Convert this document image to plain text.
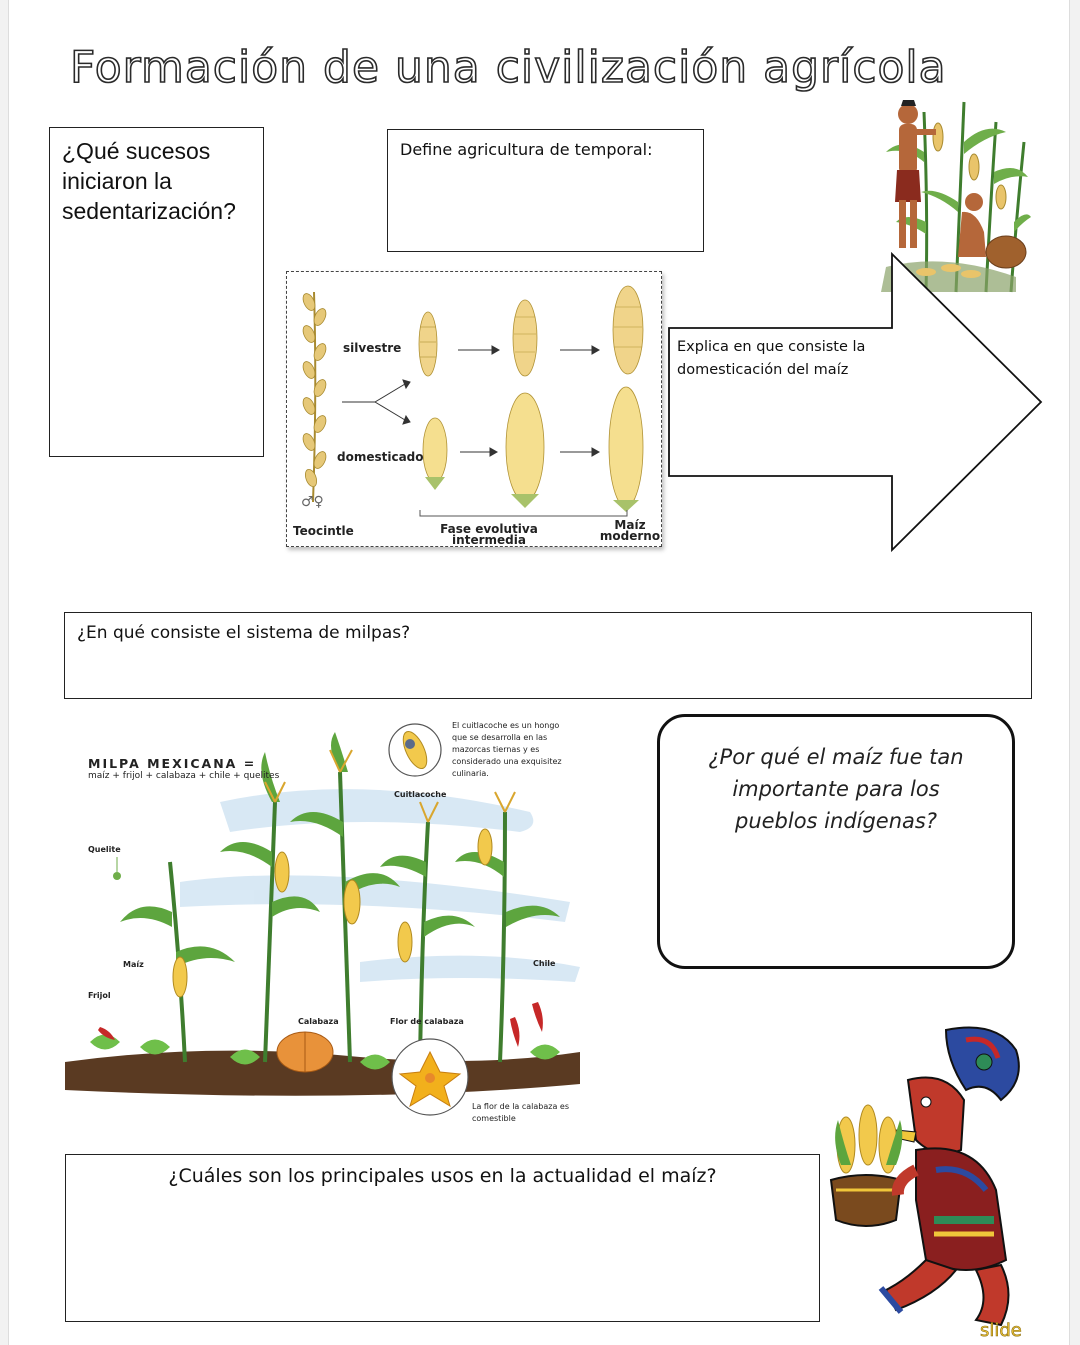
Formación de una civilización agrícola
¿Qué sucesos iniciaron la sedentarización?
Define agricultura de temporal:
Explica en que consiste la domesticación del maíz
silvestre
domesticado
♂♀
Teocintle	Fase evolutiva intermedia
Maíz moderno
¿En qué consiste el sistema de milpas?
MILPA MEXICANA =
maíz + frijol + calabaza + chile + quelites
El cuitlacoche es un hongo que se desarrolla en las mazorcas tiernas y es considerado una exquisitez culinaria.
Cuitlacoche
Quelite
Maíz
Frijol
Calabaza	Flor de calabaza
Chile
La flor de la calabaza es comestible
¿Por qué el maíz fue tan importante para los pueblos indígenas?
¿Cuáles son los principales usos en la actualidad el maíz?
slide
